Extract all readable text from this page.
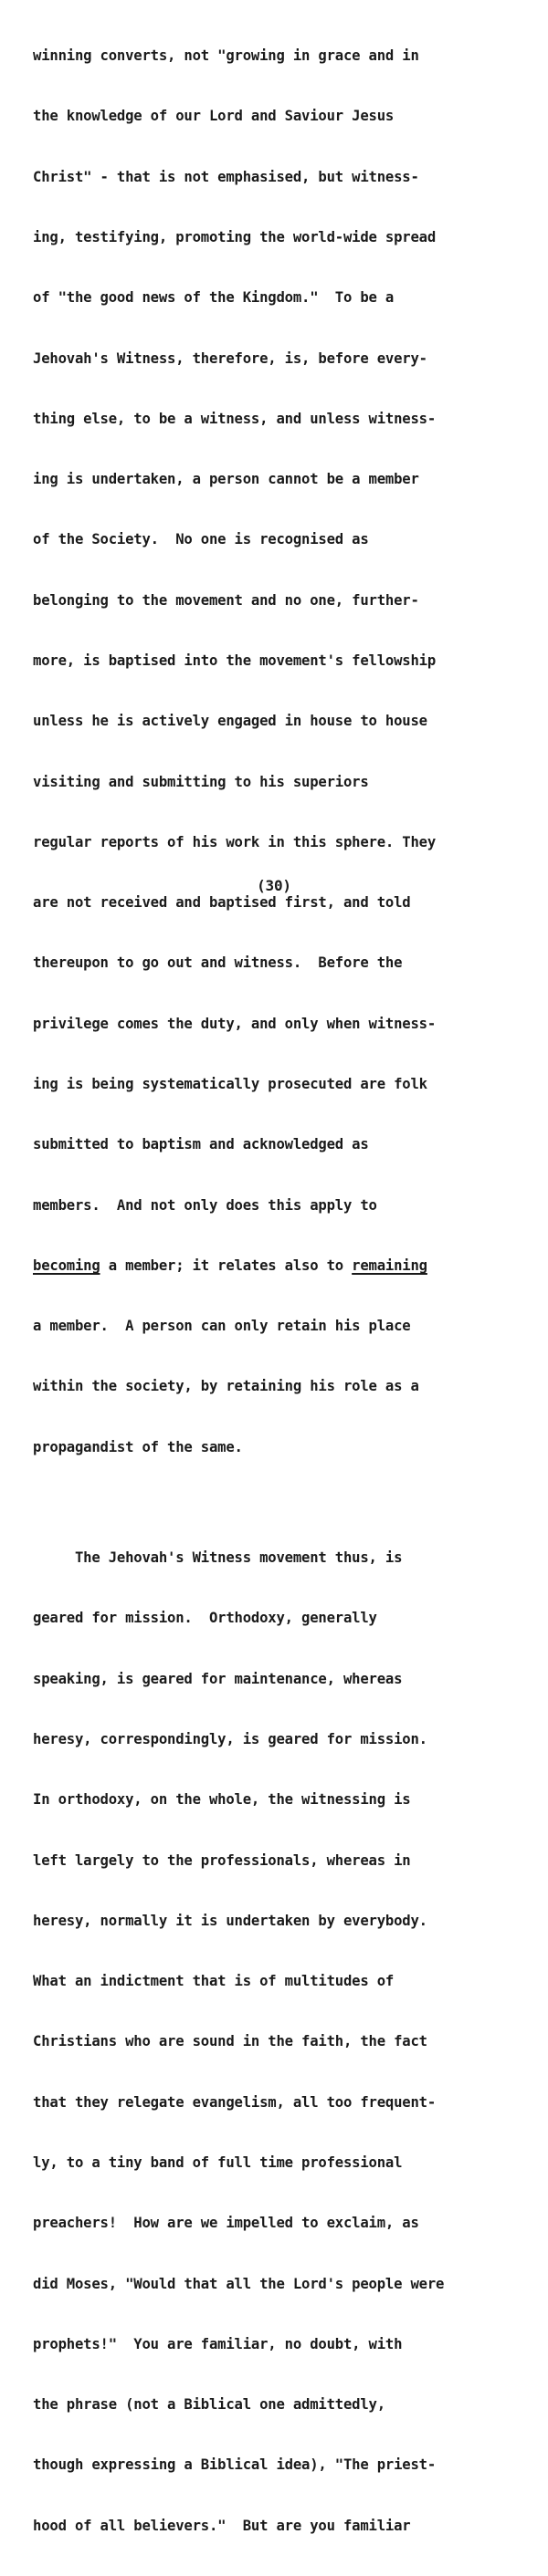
winning converts, not "growing in grace and in

the knowledge of our Lord and Saviour Jesus

Christ" - that is not emphasised, but witness-

ing, testifying, promoting the world-wide spread

of "the good news of the Kingdom."  To be a

Jehovah's Witness, therefore, is, before every-

thing else, to be a witness, and unless witness-

ing is undertaken, a person cannot be a member

of the Society.  No one is recognised as

belonging to the movement and no one, further-

more, is baptised into the movement's fellowship

unless he is actively engaged in house to house

visiting and submitting to his superiors

regular reports of his work in this sphere. They

are not received and baptised first, and told

thereupon to go out and witness.  Before the

privilege comes the duty, and only when witness-

ing is being systematically prosecuted are folk

submitted to baptism and acknowledged as

members.  And not only does this apply to

becoming a member; it relates also to remaining

a member.  A person can only retain his place

within the society, by retaining his role as a

propagandist of the same.

The Jehovah's Witness movement thus, is

geared for mission.  Orthodoxy, generally

speaking, is geared for maintenance, whereas

heresy, correspondingly, is geared for mission.

In orthodoxy, on the whole, the witnessing is

left largely to the professionals, whereas in

heresy, normally it is undertaken by everybody.

What an indictment that is of multitudes of

Christians who are sound in the faith, the fact

that they relegate evangelism, all too frequent-

ly, to a tiny band of full time professional

preachers!  How are we impelled to exclaim, as

did Moses, "Would that all the Lord's people were

prophets!"  You are familiar, no doubt, with

the phrase (not a Biblical one admittedly,

though expressing a Biblical idea), "The priest-

hood of all believers."  But are you familiar

(30)
